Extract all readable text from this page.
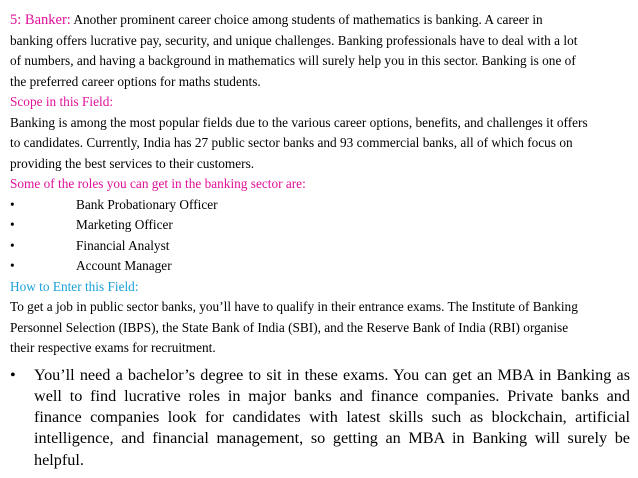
5: Banker: Another prominent career choice among students of mathematics is banking. A career in
banking offers lucrative pay, security, and unique challenges. Banking professionals have to deal with a lot
of numbers, and having a background in mathematics will surely help you in this sector. Banking is one of
the preferred career options for maths students.
Scope in this Field:
Banking is among the most popular fields due to the various career options, benefits, and challenges it offers
to candidates. Currently, India has 27 public sector banks and 93 commercial banks, all of which focus on
providing the best services to their customers.
Some of the roles you can get in the banking sector are:
•	Bank Probationary Officer
•	Marketing Officer
•	Financial Analyst
•	Account Manager
How to Enter this Field:
To get a job in public sector banks, you’ll have to qualify in their entrance exams. The Institute of Banking
Personnel Selection (IBPS), the State Bank of India (SBI), and the Reserve Bank of India (RBI) organise
their respective exams for recruitment.
•	You’ll need a bachelor’s degree to sit in these exams. You can get an MBA in Banking as well to find lucrative roles in major banks and finance companies. Private banks and finance companies look for candidates with latest skills such as blockchain, artificial intelligence, and financial management, so getting an MBA in Banking will surely be helpful.
